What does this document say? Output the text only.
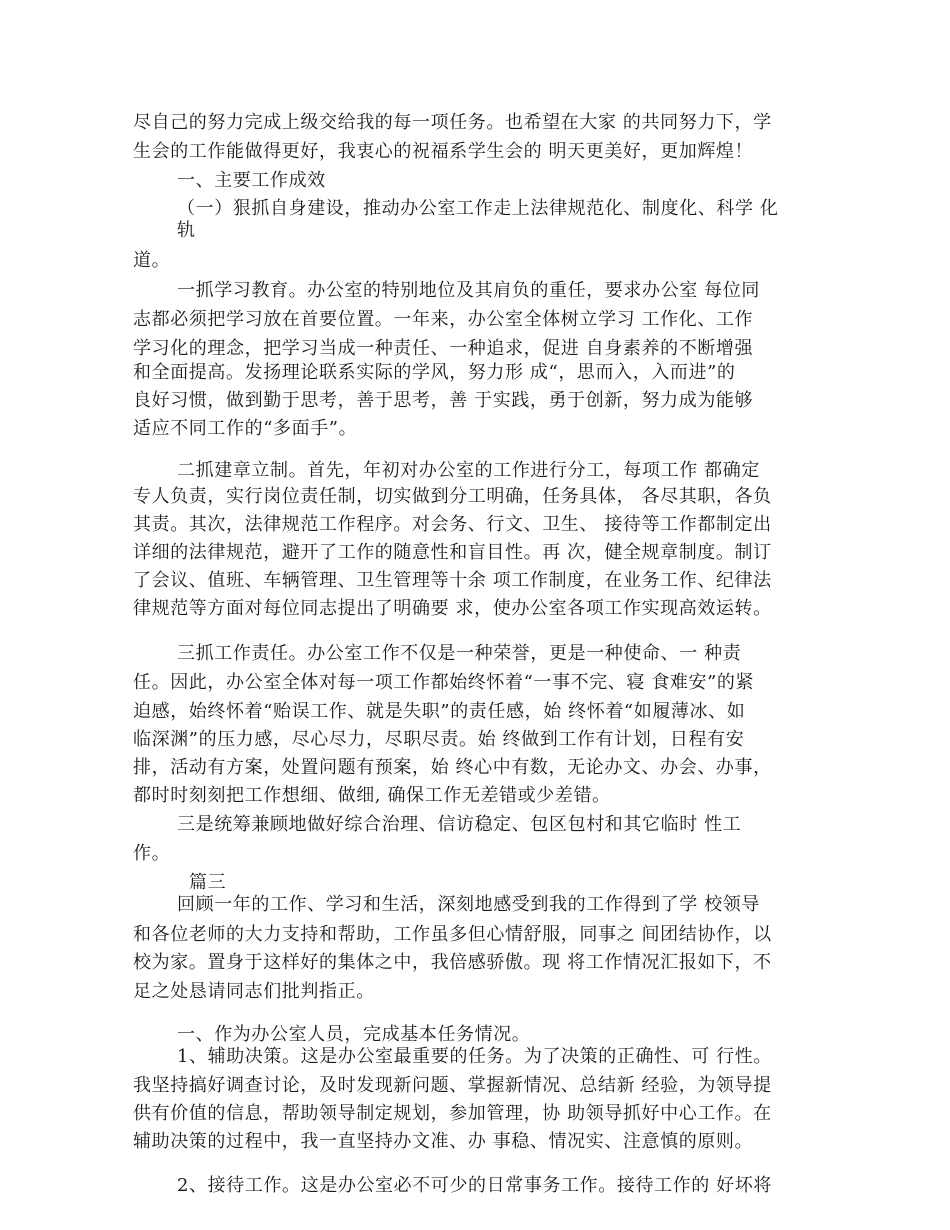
尽自己的努力完成上级交给我的每一项任务。也希望在大家 的共同努力下，学
生会的工作能做得更好，我衷心的祝福系学生会的 明天更美好，更加辉煌！
一、主要工作成效
（一）狠抓自身建设，推动办公室工作走上法律规范化、制度化、科学 化
轨
道。
一抓学习教育。办公室的特别地位及其肩负的重任，要求办公室 每位同
志都必须把学习放在首要位置。一年来，办公室全体树立学习 工作化、工作
学习化的理念，把学习当成一种责任、一种追求，促进 自身素养的不断增强
和全面提高。发扬理论联系实际的学风，努力形 成“，思而入，入而进”的
良好习惯，做到勤于思考，善于思考，善 于实践，勇于创新，努力成为能够
适应不同工作的“多面手”。
二抓建章立制。首先，年初对办公室的工作进行分工，每项工作 都确定
专人负责，实行岗位责任制，切实做到分工明确，任务具体， 各尽其职，各负
其责。其次，法律规范工作程序。对会务、行文、卫生、 接待等工作都制定出
详细的法律规范，避开了工作的随意性和盲目性。再 次，健全规章制度。制订
了会议、值班、车辆管理、卫生管理等十余 项工作制度，在业务工作、纪律法
律规范等方面对每位同志提出了明确要 求，使办公室各项工作实现高效运转。
三抓工作责任。办公室工作不仅是一种荣誉，更是一种使命、一 种责
任。因此，办公室全体对每一项工作都始终怀着“一事不完、寝 食难安”的紧
迫感，始终怀着“贻误工作、就是失职”的责任感，始 终怀着“如履薄冰、如
临深渊”的压力感，尽心尽力，尽职尽责。始 终做到工作有计划，日程有安
排，活动有方案，处置问题有预案，始 终心中有数，无论办文、办会、办事，
都时时刻刻把工作想细、做细, 确保工作无差错或少差错。
三是统筹兼顾地做好综合治理、信访稳定、包区包村和其它临时 性工
作。
篇三
回顾一年的工作、学习和生活，深刻地感受到我的工作得到了学 校领导
和各位老师的大力支持和帮助，工作虽多但心情舒服，同事之 间团结协作，以
校为家。置身于这样好的集体之中，我倍感骄傲。现 将工作情况汇报如下，不
足之处恳请同志们批判指正。
一、作为办公室人员，完成基本任务情况。
1、辅助决策。这是办公室最重要的任务。为了决策的正确性、可 行性。
我坚持搞好调查讨论，及时发现新问题、掌握新情况、总结新 经验，为领导提
供有价值的信息，帮助领导制定规划，参加管理，协 助领导抓好中心工作。在
辅助决策的过程中，我一直坚持办文准、办 事稳、情况实、注意慎的原则。
2、接待工作。这是办公室必不可少的日常事务工作。接待工作的 好坏将
